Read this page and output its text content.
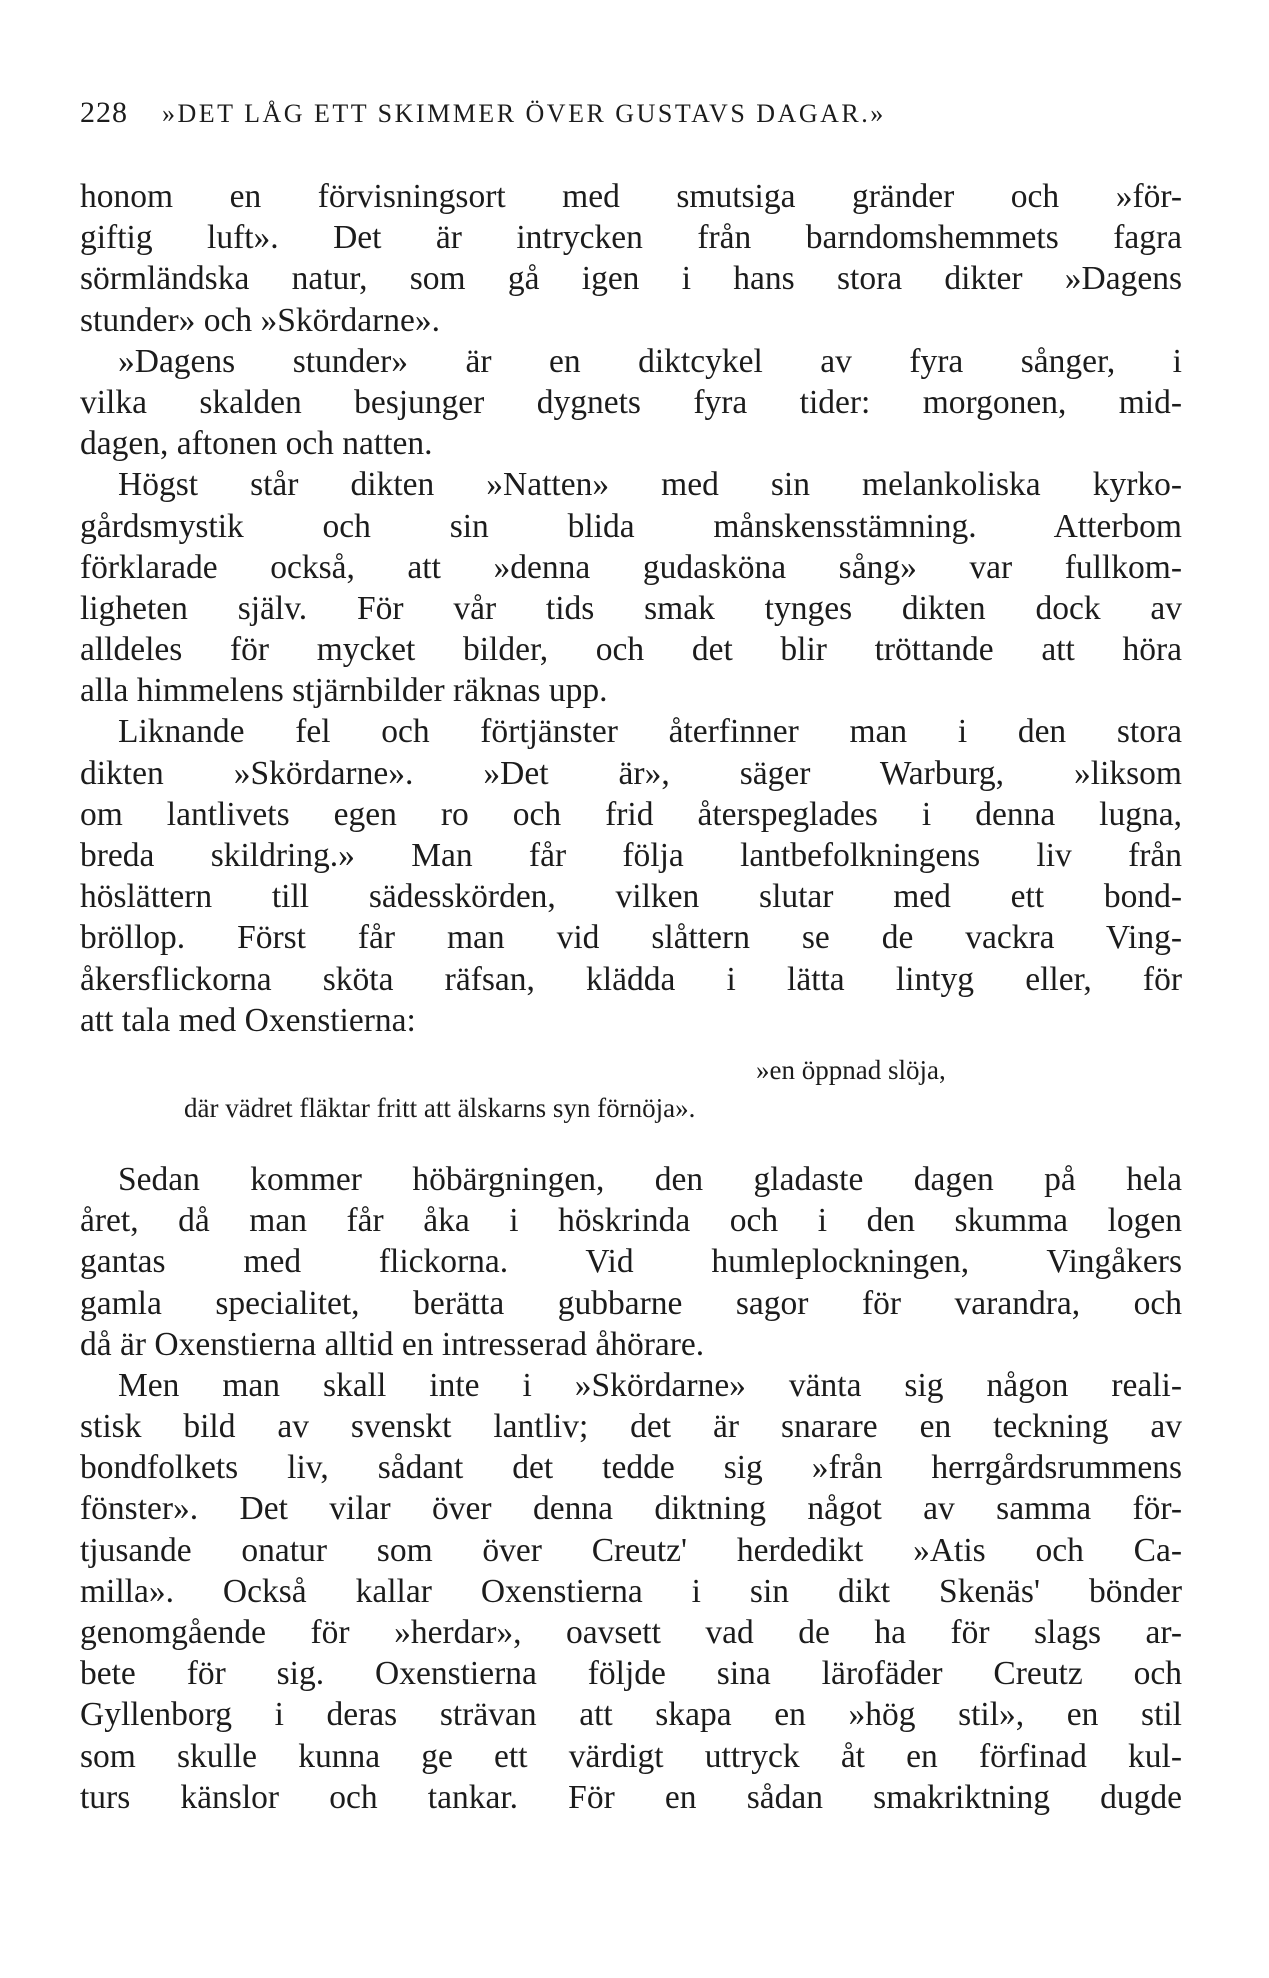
228 »DET LÅG ETT SKIMMER ÖVER GUSTAVS DAGAR.»
honom en förvisningsort med smutsiga gränder och »för-
giftig luft». Det är intrycken från barndomshemmets fagra
sörmländska natur, som gå igen i hans stora dikter »Dagens
stunder» och »Skördarne».
»Dagens stunder» är en diktcykel av fyra sånger, i
vilka skalden besjunger dygnets fyra tider: morgonen, mid-
dagen, aftonen och natten.
Högst står dikten »Natten» med sin melankoliska kyrko-
gårdsmystik och sin blida månskensstämning. Atterbom
förklarade också, att »denna gudasköna sång» var fullkom-
ligheten själv. För vår tids smak tynges dikten dock av
alldeles för mycket bilder, och det blir tröttande att höra
alla himmelens stjärnbilder räknas upp.
Liknande fel och förtjänster återfinner man i den stora
dikten »Skördarne». »Det är», säger Warburg, »liksom
om lantlivets egen ro och frid återspeglades i denna lugna,
breda skildring.» Man får följa lantbefolkningens liv från
höslättern till sädesskörden, vilken slutar med ett bond-
bröllop. Först får man vid slåttern se de vackra Ving-
åkersflickorna sköta räfsan, klädda i lätta lintyg eller, för
att tala med Oxenstierna:
»en öppnad slöja,
där vädret fläktar fritt att älskarns syn förnöja».
Sedan kommer höbärgningen, den gladaste dagen på hela
året, då man får åka i höskrinda och i den skumma logen
gantas med flickorna. Vid humleplockningen, Vingåkers
gamla specialitet, berätta gubbarne sagor för varandra, och
då är Oxenstierna alltid en intresserad åhörare.
Men man skall inte i »Skördarne» vänta sig någon reali-
stisk bild av svenskt lantliv; det är snarare en teckning av
bondfolkets liv, sådant det tedde sig »från herrgårdsrummens
fönster». Det vilar över denna diktning något av samma för-
tjusande onatur som över Creutz' herdedikt »Atis och Ca-
milla». Också kallar Oxenstierna i sin dikt Skenäs' bönder
genomgående för »herdar», oavsett vad de ha för slags ar-
bete för sig. Oxenstierna följde sina lärofäder Creutz och
Gyllenborg i deras strävan att skapa en »hög stil», en stil
som skulle kunna ge ett värdigt uttryck åt en förfinad kul-
turs känslor och tankar. För en sådan smakriktning dugde
